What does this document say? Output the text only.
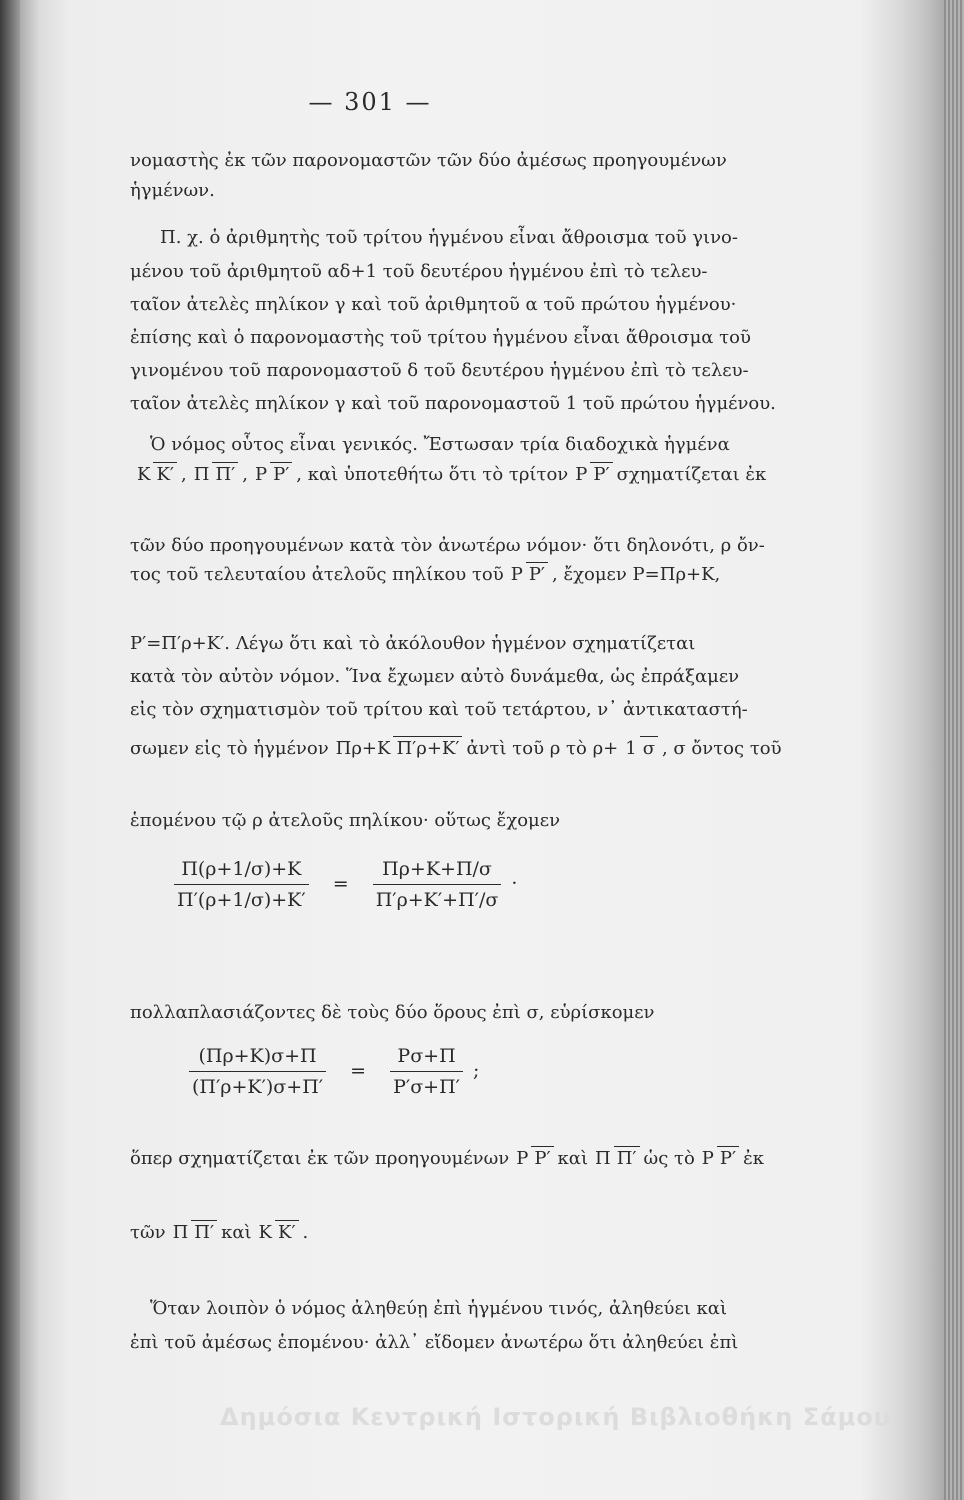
— 301 —
νομαστὴς ἐκ τῶν παρονομαστῶν τῶν δύο ἀμέσως προηγουμένων
ἡγμένων.
Π. χ. ὁ ἀριθμητὴς τοῦ τρίτου ἡγμένου εἶναι ἄθροισμα τοῦ γινο-
μένου τοῦ ἀριθμητοῦ αδ+1 τοῦ δευτέρου ἡγμένου ἐπὶ τὸ τελευ-
ταῖον ἀτελὲς πηλίκον γ καὶ τοῦ ἀριθμητοῦ α τοῦ πρώτου ἡγμένου·
ἐπίσης καὶ ὁ παρονομαστὴς τοῦ τρίτου ἡγμένου εἶναι ἄθροισμα τοῦ
γινομένου τοῦ παρονομαστοῦ δ τοῦ δευτέρου ἡγμένου ἐπὶ τὸ τελευ-
ταῖον ἀτελὲς πηλίκον γ καὶ τοῦ παρονομαστοῦ 1 τοῦ πρώτου ἡγμένου.
Ὁ νόμος οὗτος εἶναι γενικός. Ἔστωσαν τρία διαδοχικὰ ἡγμένα
Κ Κ′ , Π Π′ , Ρ Ρ′ , καὶ ὑποτεθήτω ὅτι τὸ τρίτον Ρ Ρ′ σχηματίζεται ἐκ
τῶν δύο προηγουμένων κατὰ τὸν ἀνωτέρω νόμον· ὅτι δηλονότι, ρ ὄν-
τος τοῦ τελευταίου ἀτελοῦς πηλίκου τοῦ Ρ Ρ′ , ἔχομεν Ρ=Πρ+Κ,
Ρ′=Π′ρ+Κ′. Λέγω ὅτι καὶ τὸ ἀκόλουθον ἡγμένον σχηματίζεται
κατὰ τὸν αὐτὸν νόμον. Ἵνα ἔχωμεν αὐτὸ δυνάμεθα, ὡς ἐπράξαμεν
εἰς τὸν σχηματισμὸν τοῦ τρίτου καὶ τοῦ τετάρτου, ν᾽ ἀντικαταστή-
σωμεν εἰς τὸ ἡγμένον Πρ+Κ Π′ρ+Κ′ ἀντὶ τοῦ ρ τὸ ρ+ 1 σ , σ ὄντος τοῦ
ἑπομένου τῷ ρ ἀτελοῦς πηλίκου· οὕτως ἔχομεν
$\frac{\Pi(\rho+1/\sigma)+K}{\Pi'(\rho+1/\sigma)+K'} = \frac{\Pi\rho+K+\Pi/\sigma}{\Pi'\rho+K'+\Pi'/\sigma}$ ·
πολλαπλασιάζοντες δὲ τοὺς δύο ὅρους ἐπὶ σ, εὑρίσκομεν
$\frac{(\Pi\rho+K)\sigma+\Pi}{(\Pi'\rho+K')\sigma+\Pi'} = \frac{P\sigma+\Pi}{P'\sigma+\Pi'}$ ;
ὅπερ σχηματίζεται ἐκ τῶν προηγουμένων Ρ Ρ′ καὶ Π Π′ ὡς τὸ Ρ Ρ′ ἐκ
τῶν Π Π′ καὶ Κ Κ′ .
Ὅταν λοιπὸν ὁ νόμος ἀληθεύῃ ἐπὶ ἡγμένου τινός, ἀληθεύει καὶ
ἐπὶ τοῦ ἀμέσως ἑπομένου· ἀλλ᾽ εἴδομεν ἀνωτέρω ὅτι ἀληθεύει ἐπὶ
Δημόσια Κεντρική Ιστορική Βιβλιοθήκη Σάμου
